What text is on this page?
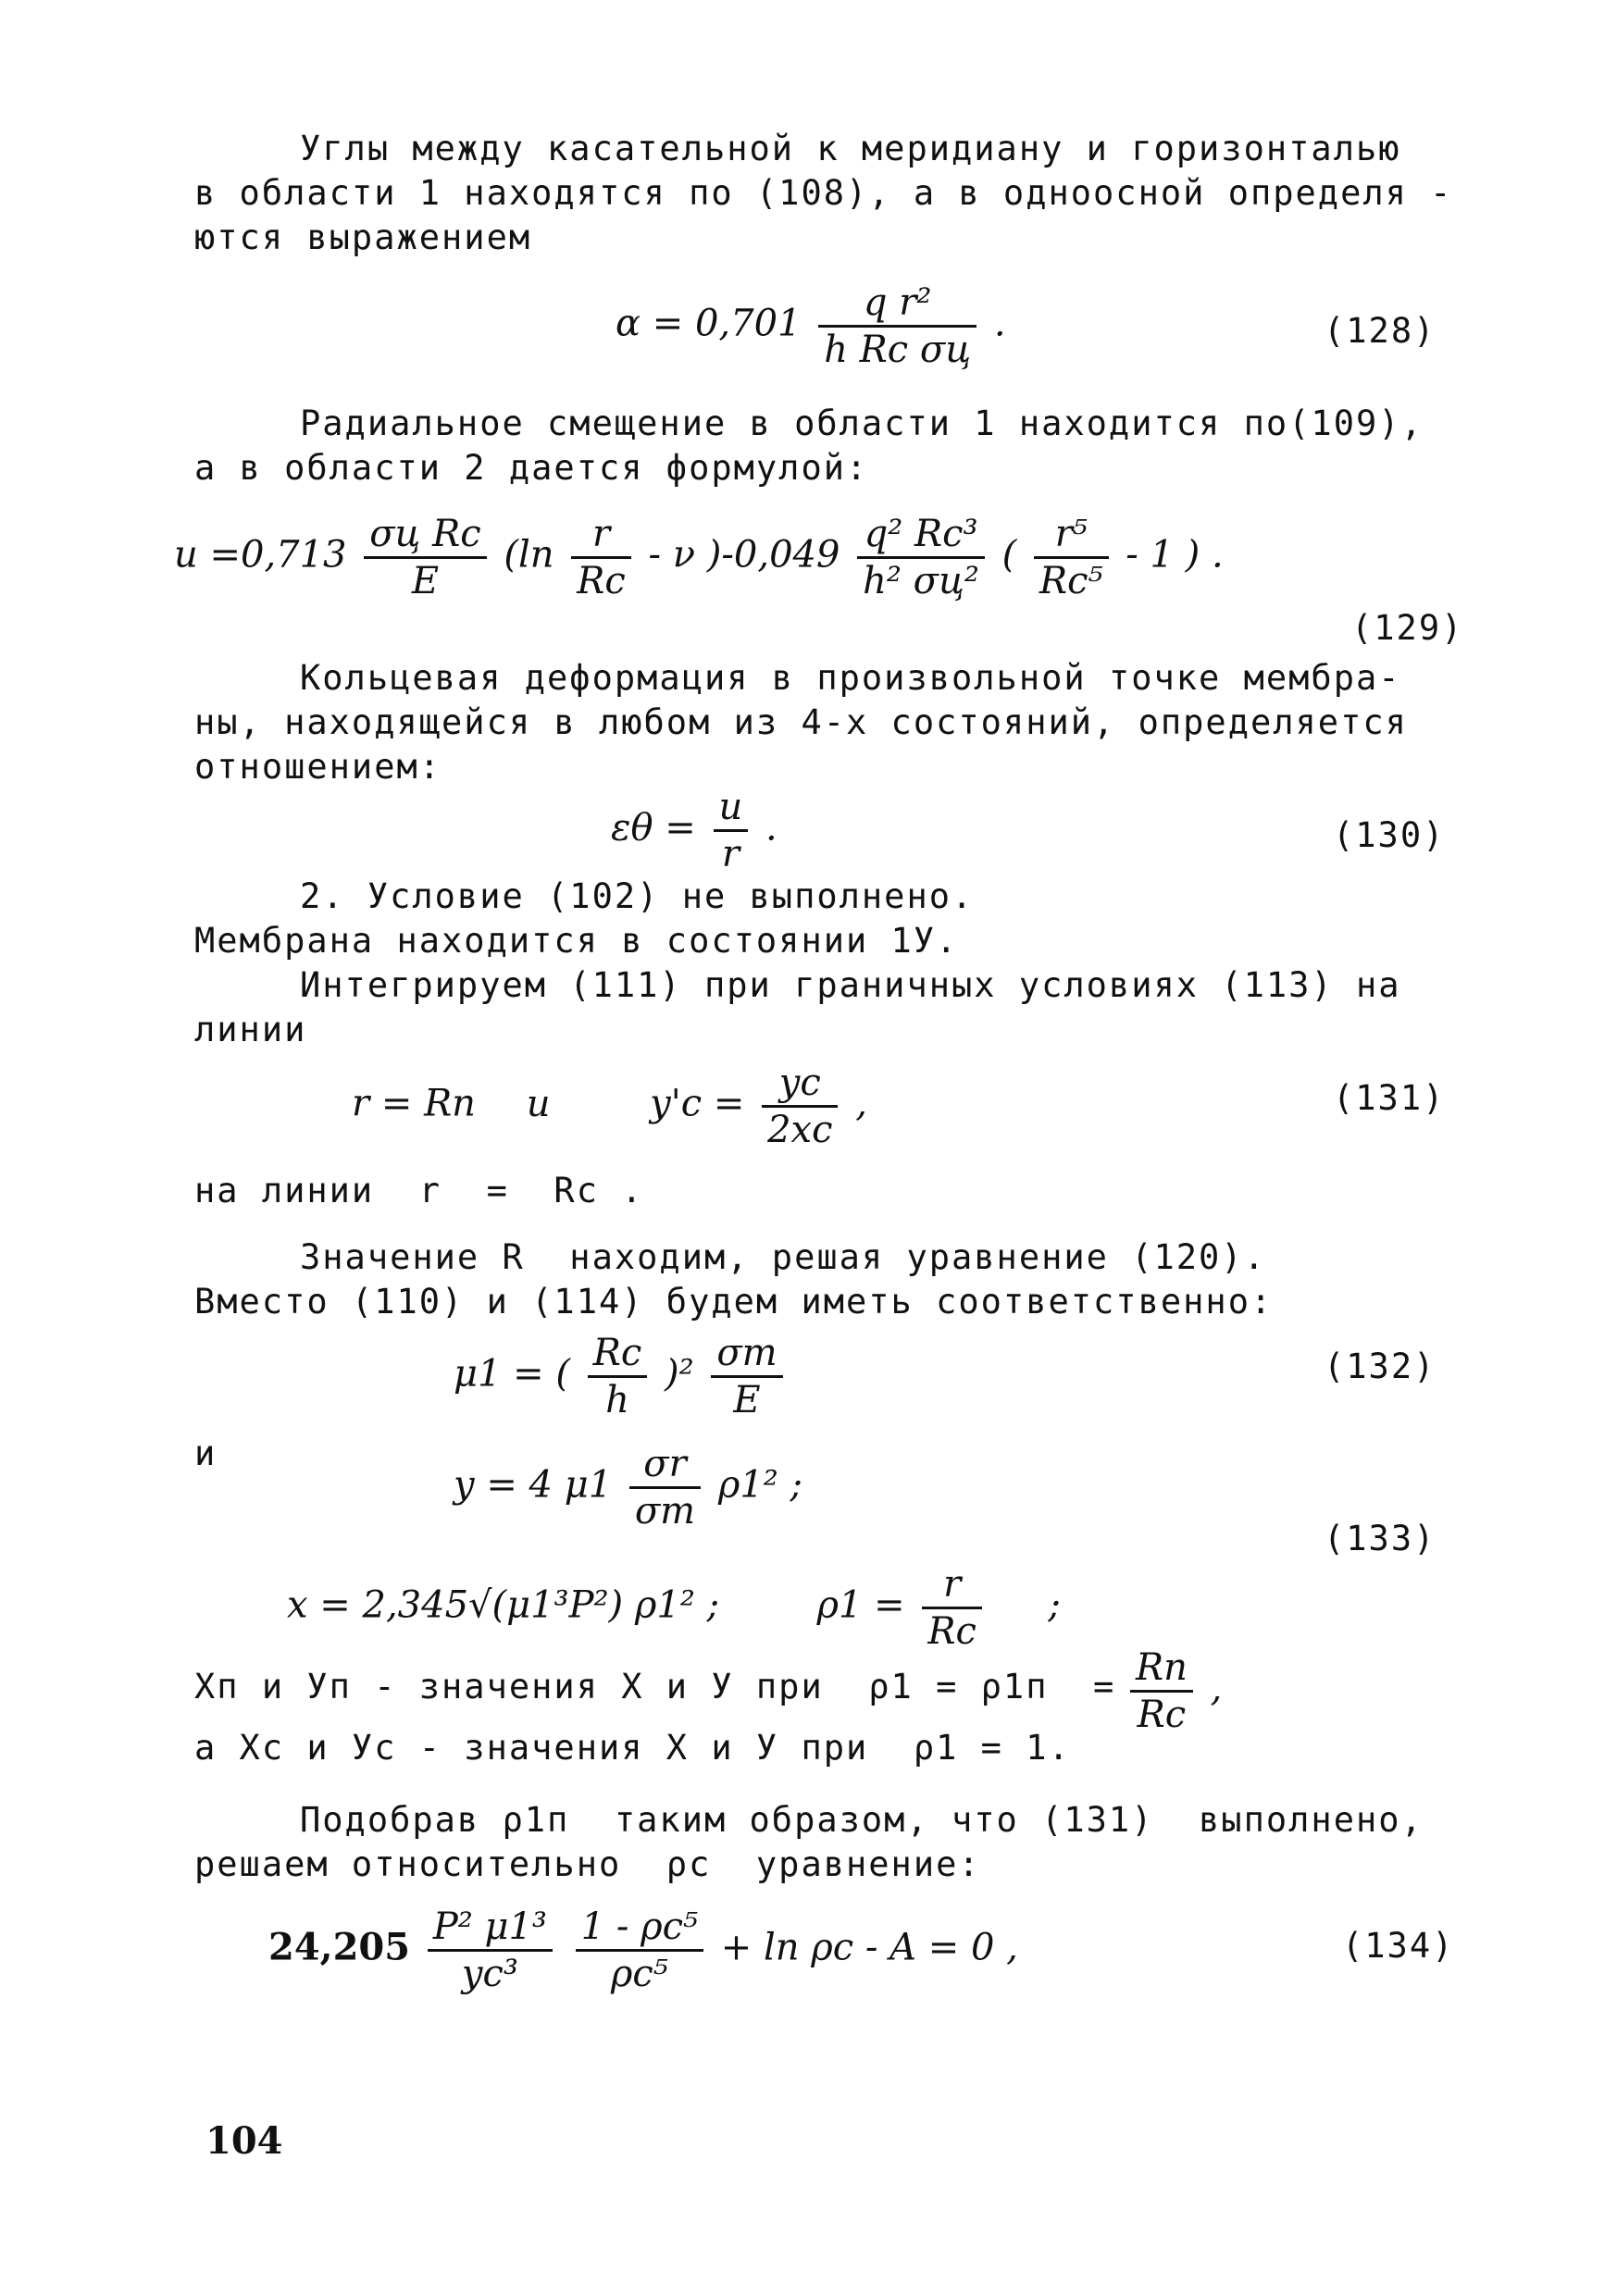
Углы между касательной к меридиану и горизонталью
в области 1 находятся по (108), а в одноосной определя -
ются выражением
$\alpha = 0,701 \frac{\text{q r²}}{\text{h Rс σц}}$ .	(128)
Радиальное смещение в области 1 находится по(109),
а в области 2 дается формулой:
$u =0,713 \frac{\text{σц Rс}}{E} (\ln \frac{r}{Rс} - \nu$ )$-0,049 \frac{\text{q² Rс³}}{\text{h² σц²}}$ ( $\frac{\text{r⁵}}{\text{Rс⁵}} - 1$ ) .
(129)
Кольцевая деформация в произвольной точке мембра-
ны, находящейся в любом из 4-х состояний, определяется
отношением:
$\varepsilon\theta = \frac{u}{r}$ .	(130)
2. Условие (102) не выполнено.
Мембрана находится в состоянии 1У.
Интегрируем (111) при граничных условиях (113) на
линии
r = Rп и	$y'с = \frac{yс}{2xс}$ ,	(131)
на линии  r  =  Rc .
Значение R  находим, решая уравнение (120).
Вместо (110) и (114) будем иметь соответственно:
μ1 = ( $\frac{Rс}{h} )^2 \frac{\sigma т}{E}$	(132)
и
y = 4 $\mu 1 \frac{\sigma r}{\sigma т} \rho 1^2$ ;
(133)
x = 2,345√(μ1³P²) ρ1² ;	$\rho 1 = \frac{r}{Rс}$ ;
Xп и Уп - значения X и У при  $\rho 1 = \rho 1п = \frac{Rп}{Rс}$ ,
а Xс и Ус - значения X и У при  ρ1 = 1.
Подобрав ρ1п  таким образом, что (131)  выполнено,
решаем относительно  ρс  уравнение:
$24,205 \frac{\text{P² μ1³}}{\text{yс³}}$
$\frac{\text{1 - ρс⁵}}{\text{ρс⁵}} + \ln \rho с - A = 0$ ,	(134)
104
